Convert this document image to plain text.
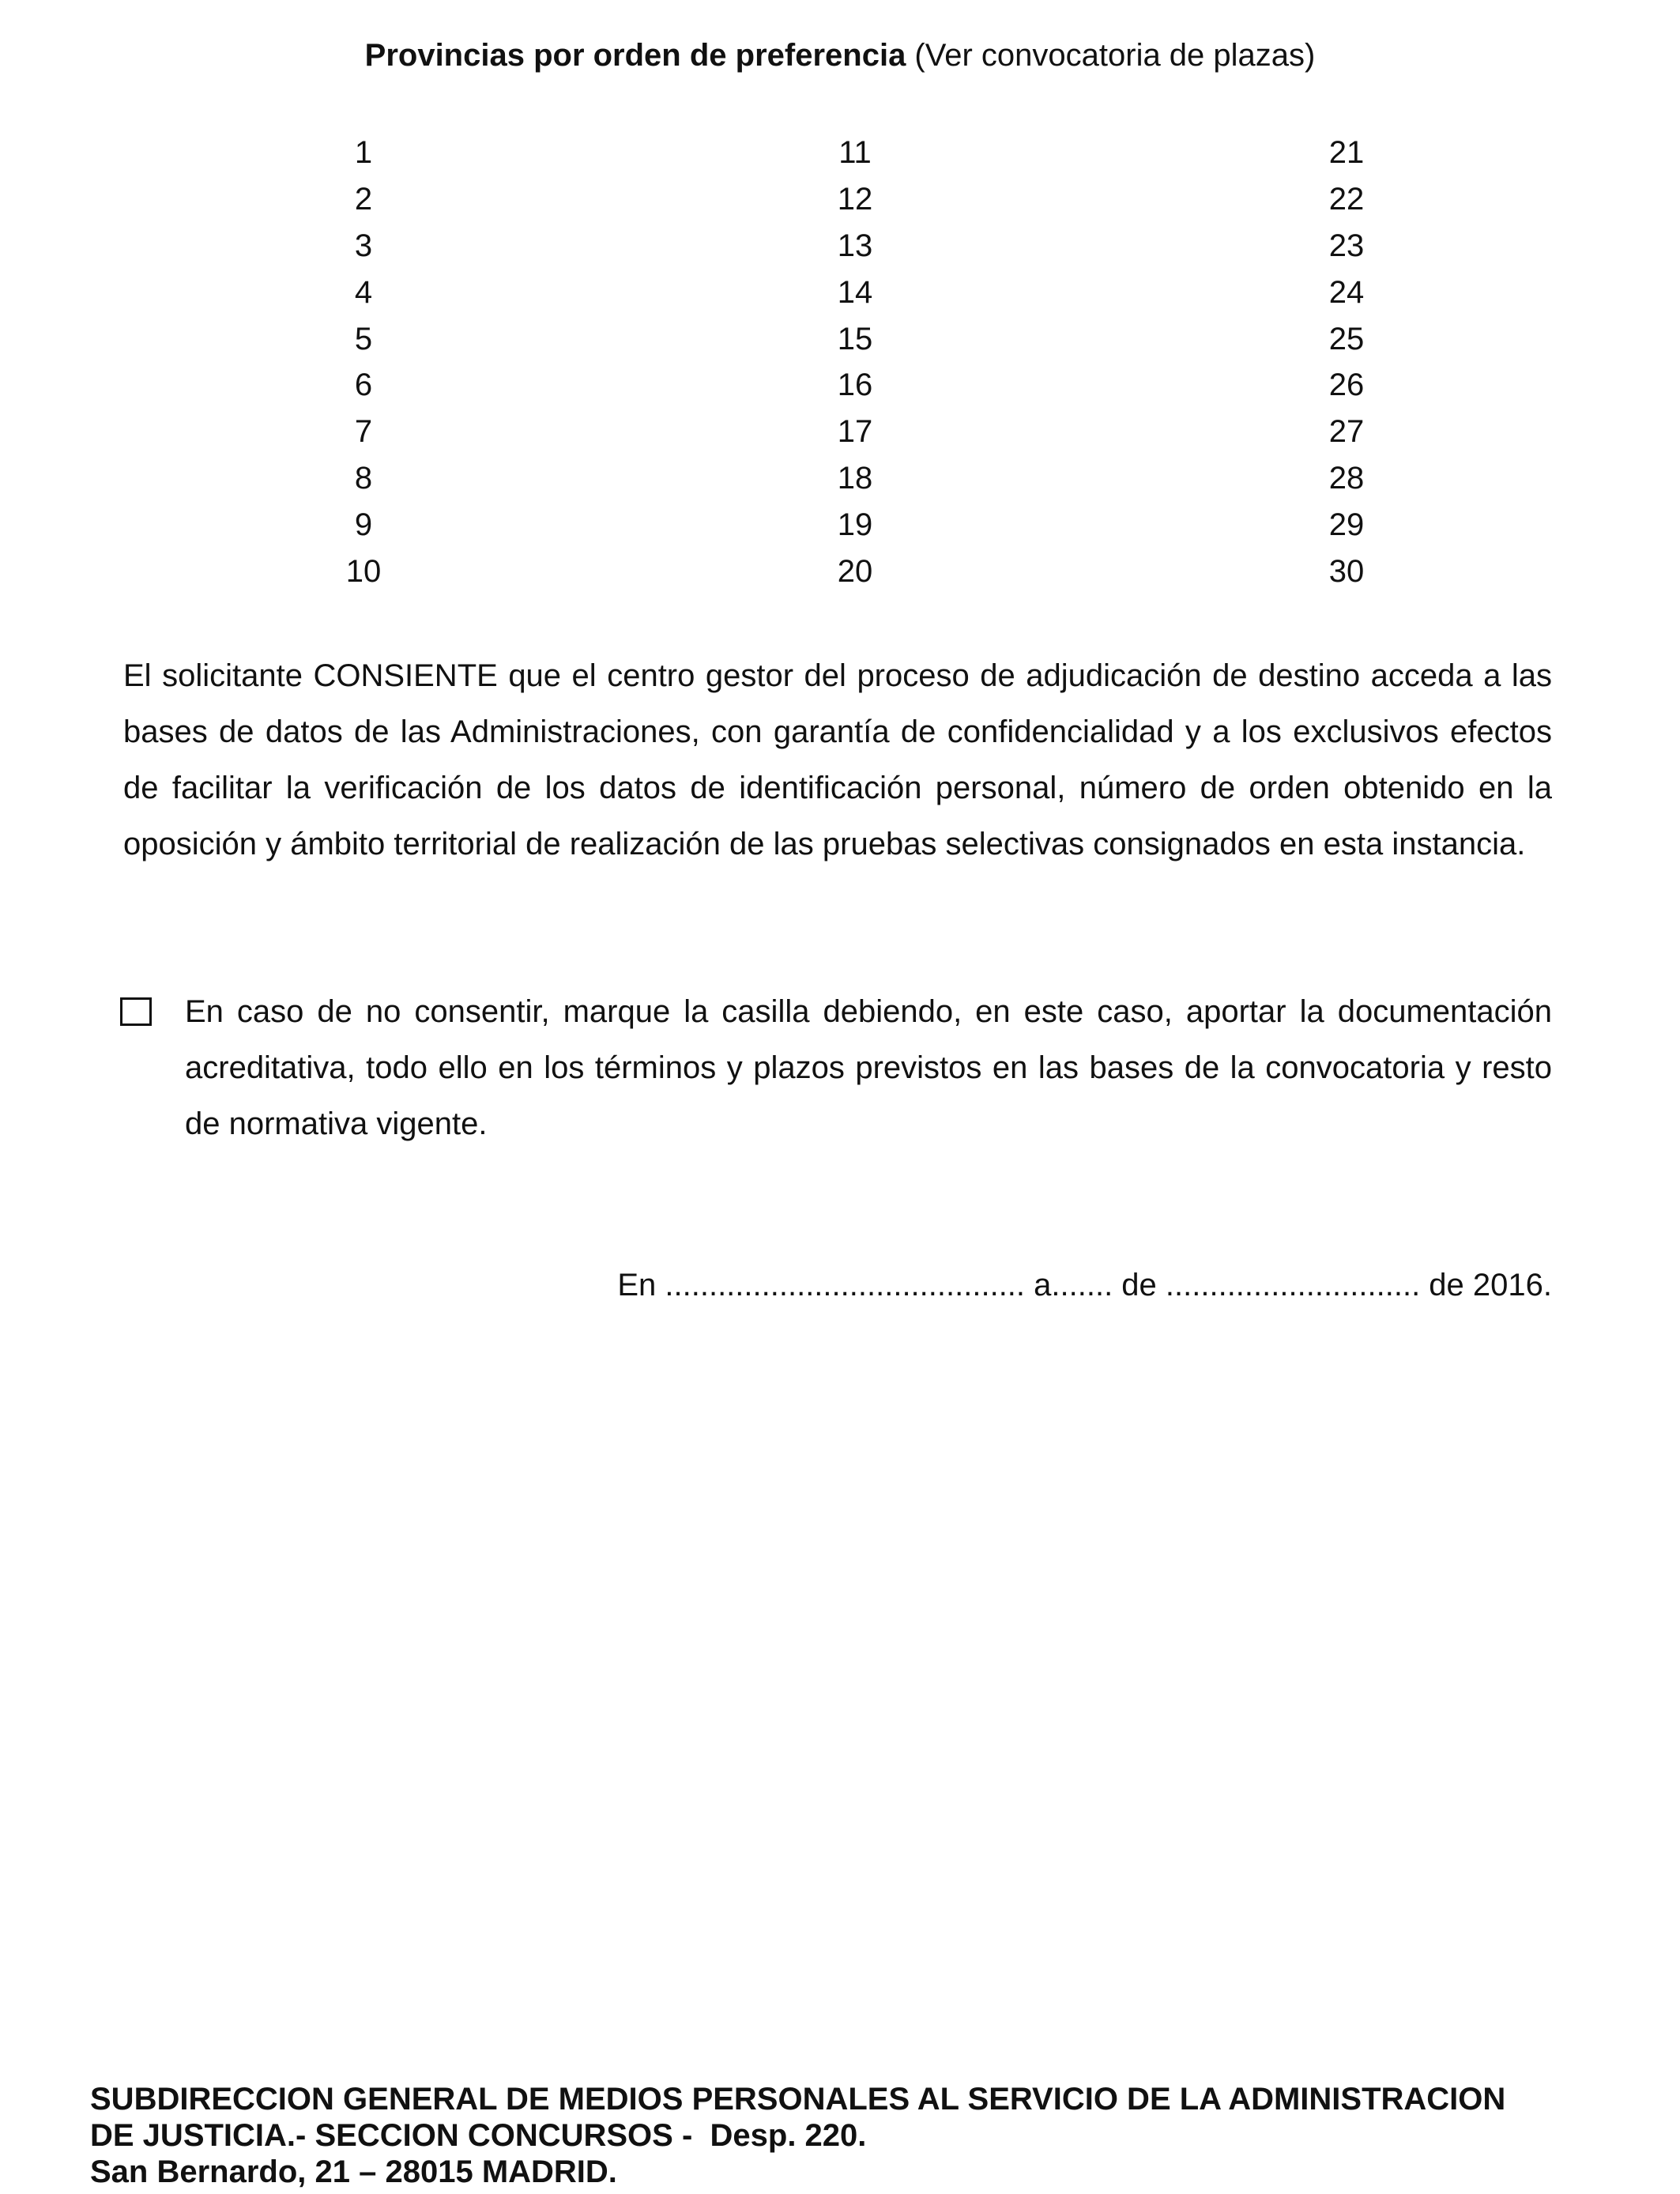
Provincias por orden de preferencia (Ver convocatoria de plazas)
1
2
3
4
5
6
7
8
9
10
11
12
13
14
15
16
17
18
19
20
21
22
23
24
25
26
27
28
29
30
El solicitante CONSIENTE que el centro gestor del proceso de adjudicación de destino acceda a las bases de datos de las Administraciones, con garantía de confidencialidad y a los exclusivos efectos de facilitar la verificación de los datos de identificación personal, número de orden obtenido en la oposición y ámbito territorial de realización de las pruebas selectivas consignados en esta instancia.
En caso de no consentir, marque la casilla debiendo, en este caso, aportar la documentación acreditativa, todo ello en los términos y plazos previstos en las bases de la convocatoria y resto de normativa vigente.
En ......................................... a....... de ............................. de 2016.
SUBDIRECCION GENERAL DE MEDIOS PERSONALES AL SERVICIO DE LA ADMINISTRACION
DE JUSTICIA.- SECCION CONCURSOS -  Desp. 220.
San Bernardo, 21 – 28015 MADRID.
